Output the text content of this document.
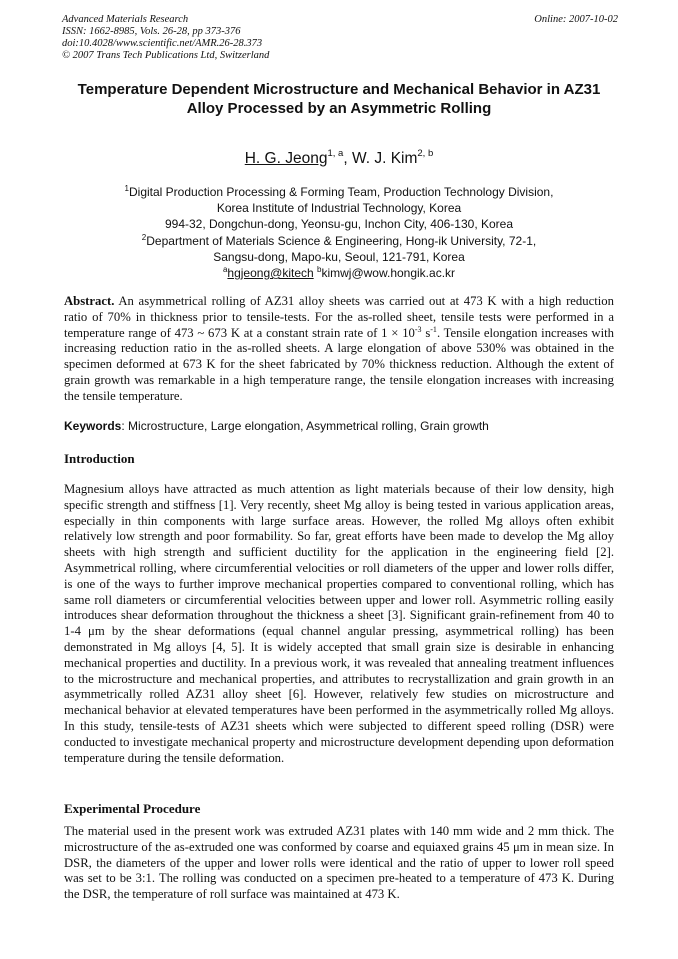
Advanced Materials Research
ISSN: 1662-8985, Vols. 26-28, pp 373-376
doi:10.4028/www.scientific.net/AMR.26-28.373
© 2007 Trans Tech Publications Ltd, Switzerland
Online: 2007-10-02
Temperature Dependent Microstructure and Mechanical Behavior in AZ31
Alloy Processed by an Asymmetric Rolling
H. G. Jeong$^{1, a}$, W. J. Kim$^{2, b}$
$^1$Digital Production Processing & Forming Team, Production Technology Division,
Korea Institute of Industrial Technology, Korea
994-32, Dongchun-dong, Yeonsu-gu, Inchon City, 406-130, Korea
$^2$Department of Materials Science & Engineering, Hong-ik University, 72-1,
Sangsu-dong, Mapo-ku, Seoul, 121-791, Korea
$^a$hgjeong@kitech $^b$kimwj@wow.hongik.ac.kr
Abstract. An asymmetrical rolling of AZ31 alloy sheets was carried out at 473 K with a high reduction ratio of 70% in thickness prior to tensile-tests. For the as-rolled sheet, tensile tests were performed in a temperature range of 473 ~ 673 K at a constant strain rate of $1 \times 10^{-3}$ $s^{-1}$. Tensile elongation increases with increasing reduction ratio in the as-rolled sheets. A large elongation of above 530% was obtained in the specimen deformed at 673 K for the sheet fabricated by 70% thickness reduction. Although the extent of grain growth was remarkable in a high temperature range, the tensile elongation increases with increasing the tensile temperature.
Keywords: Microstructure, Large elongation, Asymmetrical rolling, Grain growth
Introduction
Magnesium alloys have attracted as much attention as light materials because of their low density, high specific strength and stiffness [1]. Very recently, sheet Mg alloy is being tested in various application areas, especially in thin components with large surface areas. However, the rolled Mg alloys often exhibit relatively low strength and poor formability. So far, great efforts have been made to develop the Mg alloy sheets with high strength and sufficient ductility for the application in the engineering field [2]. Asymmetrical rolling, where circumferential velocities or roll diameters of the upper and lower rolls differ, is one of the ways to further improve mechanical properties compared to conventional rolling, which has same roll diameters or circumferential velocities between upper and lower roll. Asymmetric rolling easily introduces shear deformation throughout the thickness a sheet [3]. Significant grain-refinement from 40 to 1-4 μm by the shear deformations (equal channel angular pressing, asymmetrical rolling) has been demonstrated in Mg alloys [4, 5]. It is widely accepted that small grain size is desirable in enhancing mechanical properties and ductility. In a previous work, it was revealed that annealing treatment influences to the microstructure and mechanical properties, and attributes to recrystallization and grain growth in an asymmetrically rolled AZ31 alloy sheet [6]. However, relatively few studies on microstructure and mechanical behavior at elevated temperatures have been performed in the asymmetrically rolled Mg alloys. In this study, tensile-tests of AZ31 sheets which were subjected to different speed rolling (DSR) were conducted to investigate mechanical property and microstructure development depending upon deformation temperature during the tensile deformation.
Experimental Procedure
The material used in the present work was extruded AZ31 plates with 140 mm wide and 2 mm thick. The microstructure of the as-extruded one was conformed by coarse and equiaxed grains 45 μm in mean size. In DSR, the diameters of the upper and lower rolls were identical and the ratio of upper to lower roll speed was set to be 3:1. The rolling was conducted on a specimen pre-heated to a temperature of 473 K. During the DSR, the temperature of roll surface was maintained at 473 K.
